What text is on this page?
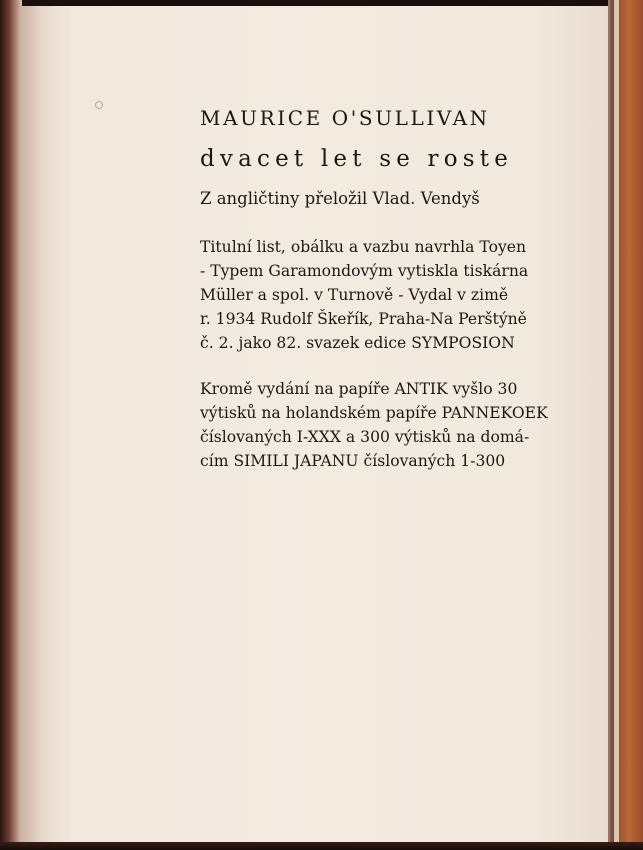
MAURICE O'SULLIVAN
dvacet let se roste
Z angličtiny přeložil Vlad. Vendyš
Titulní list, obálku a vazbu navrhla Toyen
- Typem Garamondovým vytiskla tiskárna
Müller a spol. v Turnově - Vydal v zimě
r. 1934 Rudolf Škeřík, Praha-Na Perštýně
č. 2. jako 82. svazek edice SYMPOSION
Kromě vydání na papíře ANTIK vyšlo 30
výtisků na holandském papíře PANNEKOEK
číslovaných I-XXX a 300 výtisků na domá-
cím SIMILI JAPANU číslovaných 1-300
